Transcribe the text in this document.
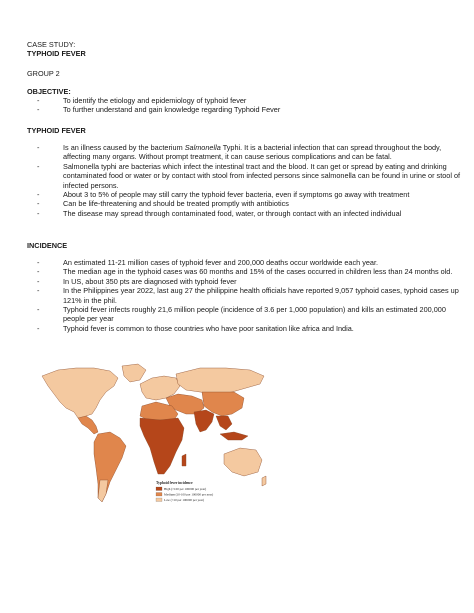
CASE STUDY:
TYPHOID FEVER
GROUP 2
OBJECTIVE:
- To identify the etiology and epidemiology of typhoid fever
- To further understand and gain knowledge regarding Typhoid Fever
TYPHOID FEVER
- Is an illness caused by the bacterium Salmonella Typhi. It is a bacterial infection that can spread throughout the body, affecting many organs. Without prompt treatment, it can cause serious complications and can be fatal.
- Salmonella typhi are bacterias which infect the intestinal tract and the blood. It can get or spread by eating and drinking contaminated food or water or by contact with stool from infected persons since salmonella can be found in urine or stool of infected persons.
- About 3 to 5% of people may still carry the typhoid fever bacteria, even if symptoms go away with treatment
- Can be life-threatening and should be treated promptly with antibiotics
- The disease may spread through contaminated food, water, or through contact with an infected individual
INCIDENCE
- An estimated 11-21 million cases of typhoid fever and 200,000 deaths occur worldwide each year.
- The median age in the typhoid cases was 60 months and 15% of the cases occurred in children less than 24 months old.
- In US, about 350 pts are diagnosed with typhoid fever
- In the Philippines year 2022, last aug 27 the philippine health officials have reported 9,057 typhoid cases, typhoid cases up 121% in the phil.
- Typhoid fever infects roughly 21,6 million people (incidence of 3.6 per 1,000 population) and kills an estimated 200,000 people per year
- Typhoid fever is common to those countries who have poor sanitation like africa and India.
Typhoid fever incidence
High (>100 per 100000 per year)
Medium (10-100 per 100000 per year)
Low (<10 per 100000 per year)
